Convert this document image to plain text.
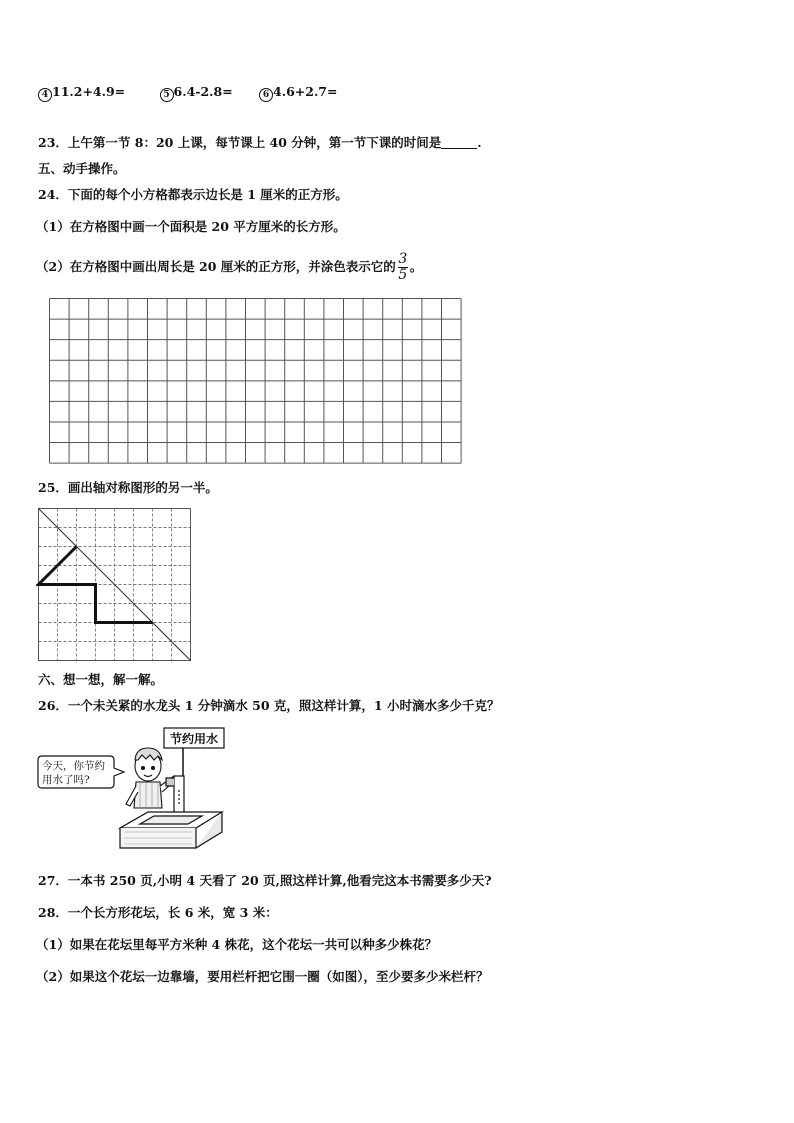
4 11.2+4.9=	5 6.4-2.8=	6 4.6+2.7=
23．上午第一节 8：20 上课，每节课上 40 分钟，第一节下课的时间是	.
五、动手操作。
24．下面的每个小方格都表示边长是 1 厘米的正方形。
（1）在方格图中画一个面积是 20 平方厘米的长方形。
（2）在方格图中画出周长是 20 厘米的正方形，并涂色表示它的 $\frac{3}{5}$ 。
25．画出轴对称图形的另一半。
六、想一想，解一解。
26．一个未关紧的水龙头 1 分钟滴水 50 克，照这样计算，1 小时滴水多少千克？
节约用水
今天，你节约
用水了吗?
27．一本书 250 页,小明 4 天看了 20 页,照这样计算,他看完这本书需要多少天?
28．一个长方形花坛，长 6 米，宽 3 米：
（1）如果在花坛里每平方米种 4 株花，这个花坛一共可以种多少株花？
（2）如果这个花坛一边靠墙，要用栏杆把它围一圈（如图），至少要多少米栏杆？
